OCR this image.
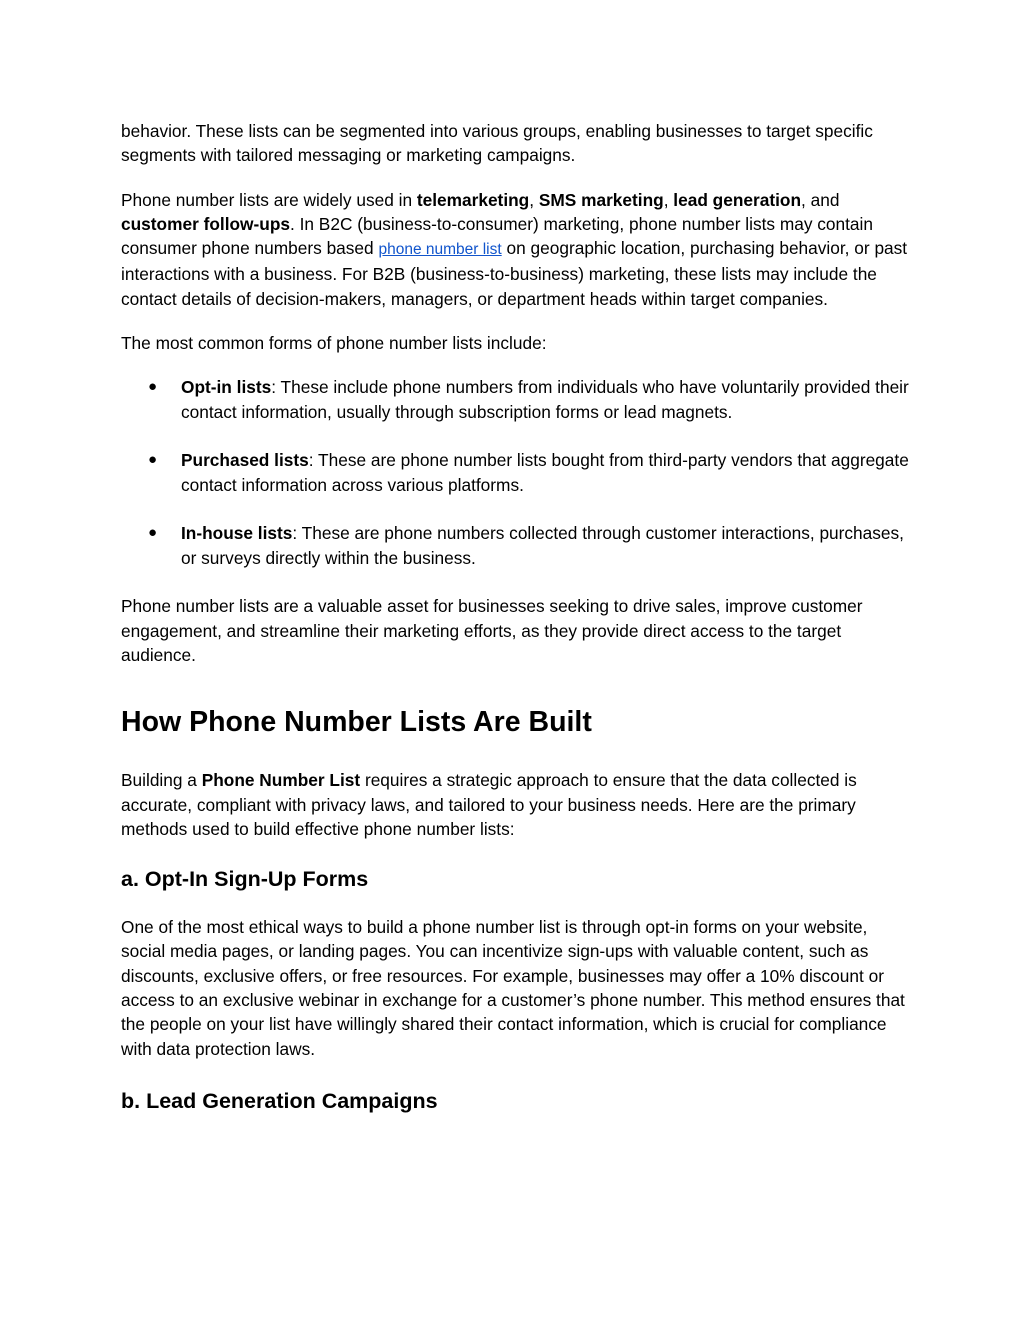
behavior. These lists can be segmented into various groups, enabling businesses to target specific segments with tailored messaging or marketing campaigns.

Phone number lists are widely used in telemarketing, SMS marketing, lead generation, and customer follow-ups. In B2C (business-to-consumer) marketing, phone number lists may contain consumer phone numbers based phone number list on geographic location, purchasing behavior, or past interactions with a business. For B2B (business-to-business) marketing, these lists may include the contact details of decision-makers, managers, or department heads within target companies.

The most common forms of phone number lists include:

● Opt-in lists: These include phone numbers from individuals who have voluntarily provided their contact information, usually through subscription forms or lead magnets.
● Purchased lists: These are phone number lists bought from third-party vendors that aggregate contact information across various platforms.
● In-house lists: These are phone numbers collected through customer interactions, purchases, or surveys directly within the business.

Phone number lists are a valuable asset for businesses seeking to drive sales, improve customer engagement, and streamline their marketing efforts, as they provide direct access to the target audience.

How Phone Number Lists Are Built

Building a Phone Number List requires a strategic approach to ensure that the data collected is accurate, compliant with privacy laws, and tailored to your business needs. Here are the primary methods used to build effective phone number lists:

a. Opt-In Sign-Up Forms

One of the most ethical ways to build a phone number list is through opt-in forms on your website, social media pages, or landing pages. You can incentivize sign-ups with valuable content, such as discounts, exclusive offers, or free resources. For example, businesses may offer a 10% discount or access to an exclusive webinar in exchange for a customer’s phone number. This method ensures that the people on your list have willingly shared their contact information, which is crucial for compliance with data protection laws.

b. Lead Generation Campaigns
